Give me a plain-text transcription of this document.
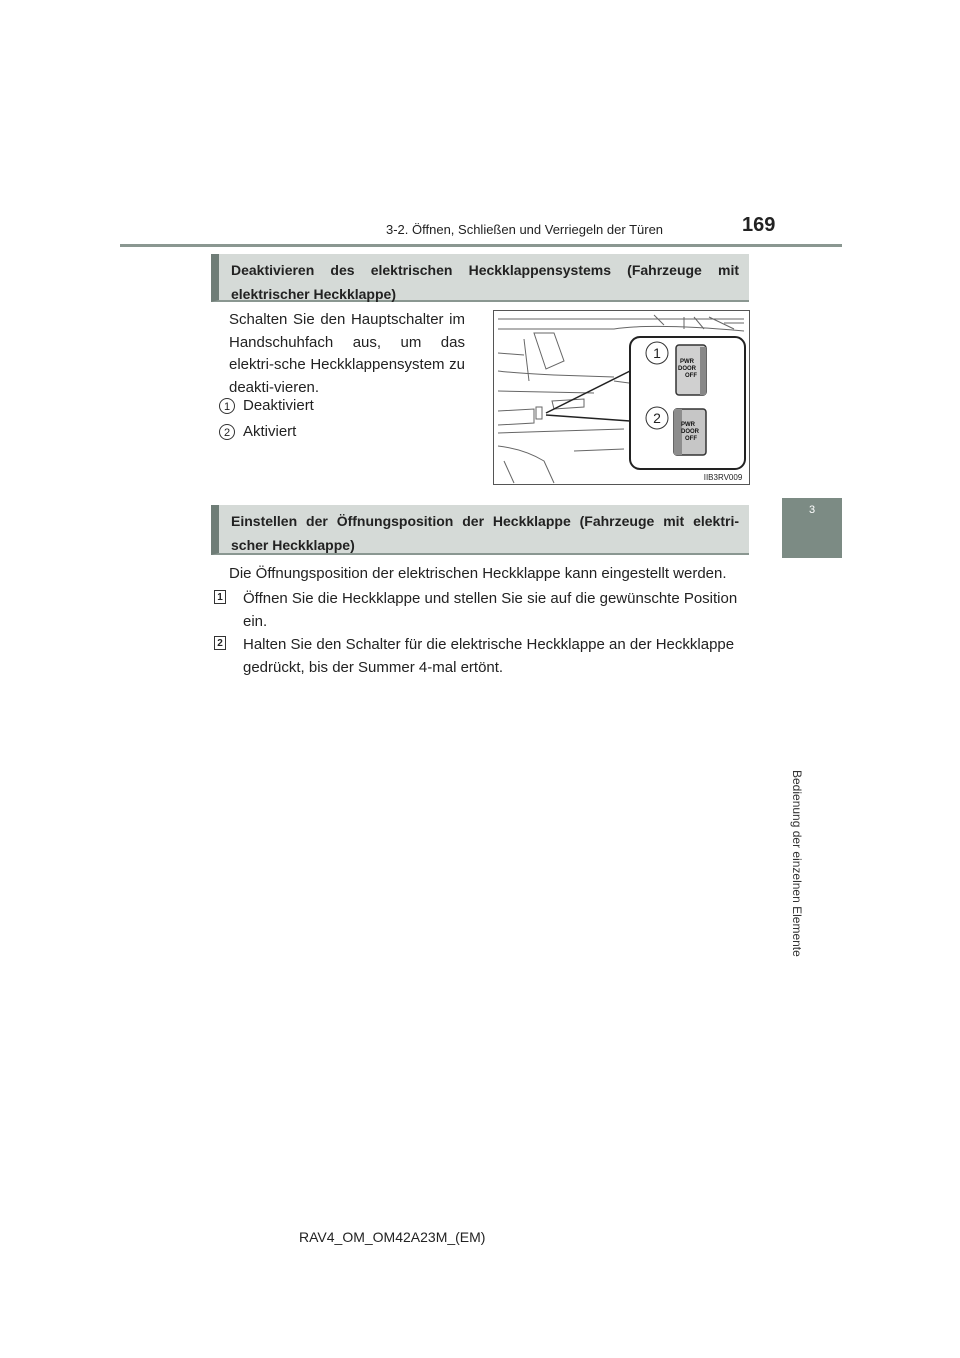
3-2. Öffnen, Schließen und Verriegeln der Türen	169
3
Bedienung der einzelnen Elemente
Deaktivieren des elektrischen Heckklappensystems (Fahrzeuge mit elektrischer Heckklappe)
Schalten Sie den Hauptschalter im Handschuhfach aus, um das elektri-sche Heckklappensystem zu deakti-vieren.
1 Deaktiviert
2 Aktiviert
1
2
PWR
DOOR
OFF
PWR
DOOR
OFF
IIB3RV009
Einstellen der Öffnungsposition der Heckklappe (Fahrzeuge mit elektri-scher Heckklappe)
Die Öffnungsposition der elektrischen Heckklappe kann eingestellt werden.
1 Öffnen Sie die Heckklappe und stellen Sie sie auf die gewünschte Position ein.
2 Halten Sie den Schalter für die elektrische Heckklappe an der Heckklappe gedrückt, bis der Summer 4-mal ertönt.
RAV4_OM_OM42A23M_(EM)
